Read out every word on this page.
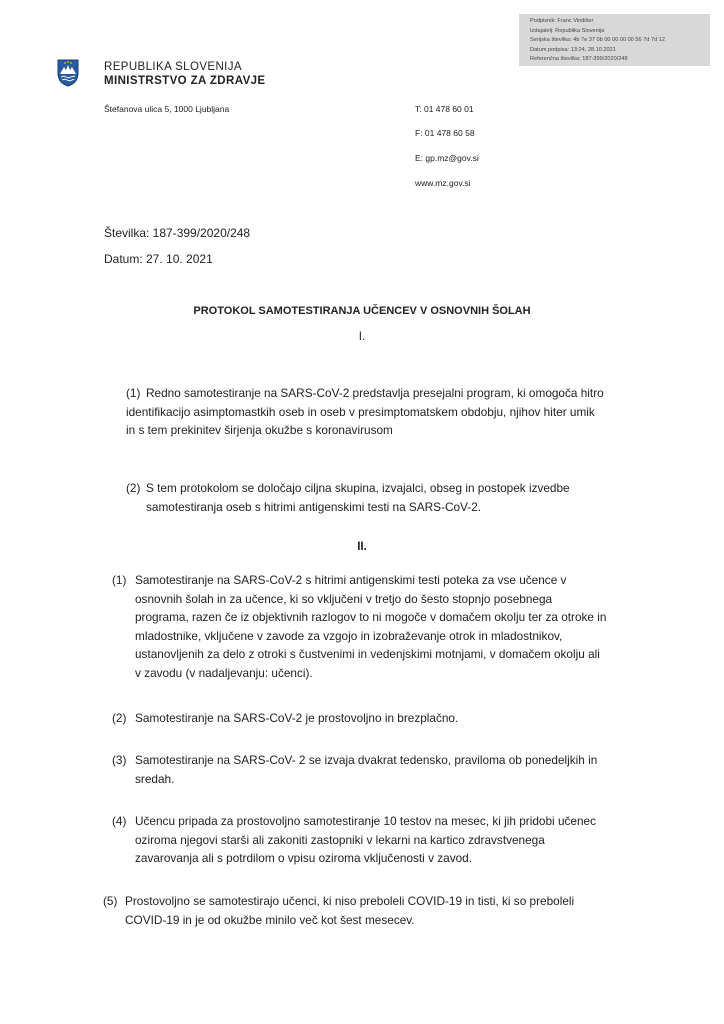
Podpisnik: Franc Vindišer
Izdajatelj: Republika Slovenija
Serijska številka: 4b 7e 37 0b 00 00 00 00 56 7d 7d 12
Datum podpisa: 13:24, 28.10.2021
Referenčna številka: 187-399/2020/248
REPUBLIKA SLOVENIJA
MINISTRSTVO ZA ZDRAVJE
Štefanova ulica 5, 1000 Ljubljana	T: 01 478 60 01
F: 01 478 60 58
E: gp.mz@gov.si
www.mz.gov.si
Številka: 187-399/2020/248
Datum: 27. 10. 2021
PROTOKOL SAMOTESTIRANJA UČENCEV V OSNOVNIH ŠOLAH
I.
II.
(1) Redno samotestiranje na SARS-CoV-2 predstavlja presejalni program, ki omogoča hitro
identifikacijo asimptomastkih oseb in oseb v presimptomatskem obdobju, njihov hiter umik
in s tem prekinitev širjenja okužbe s koronavirusom
(2) S tem protokolom se določajo ciljna skupina, izvajalci, obseg in postopek izvedbe
samotestiranja oseb s hitrimi antigenskimi testi na SARS-CoV-2.
(1) Samotestiranje na SARS-CoV-2 s hitrimi antigenskimi testi poteka za vse učence v
osnovnih šolah in za učence, ki so vključeni v tretjo do šesto stopnjo posebnega
programa, razen če iz objektivnih razlogov to ni mogoče v domačem okolju ter za otroke in
mladostnike, vključene v zavode za vzgojo in izobraževanje otrok in mladostnikov,
ustanovljenih za delo z otroki s čustvenimi in vedenjskimi motnjami, v domačem okolju ali
v zavodu (v nadaljevanju: učenci).
(2) Samotestiranje na SARS-CoV-2 je prostovoljno in brezplačno.
(3) Samotestiranje na SARS-CoV- 2 se izvaja dvakrat tedensko, praviloma ob ponedeljkih in
sredah.
(4) Učencu pripada za prostovoljno samotestiranje 10 testov na mesec, ki jih pridobi učenec
oziroma njegovi starši ali zakoniti zastopniki v lekarni na kartico zdravstvenega
zavarovanja ali s potrdilom o vpisu oziroma vključenosti v zavod.
(5) Prostovoljno se samotestirajo učenci, ki niso preboleli COVID-19 in tisti, ki so preboleli
COVID-19 in je od okužbe minilo več kot šest mesecev.
